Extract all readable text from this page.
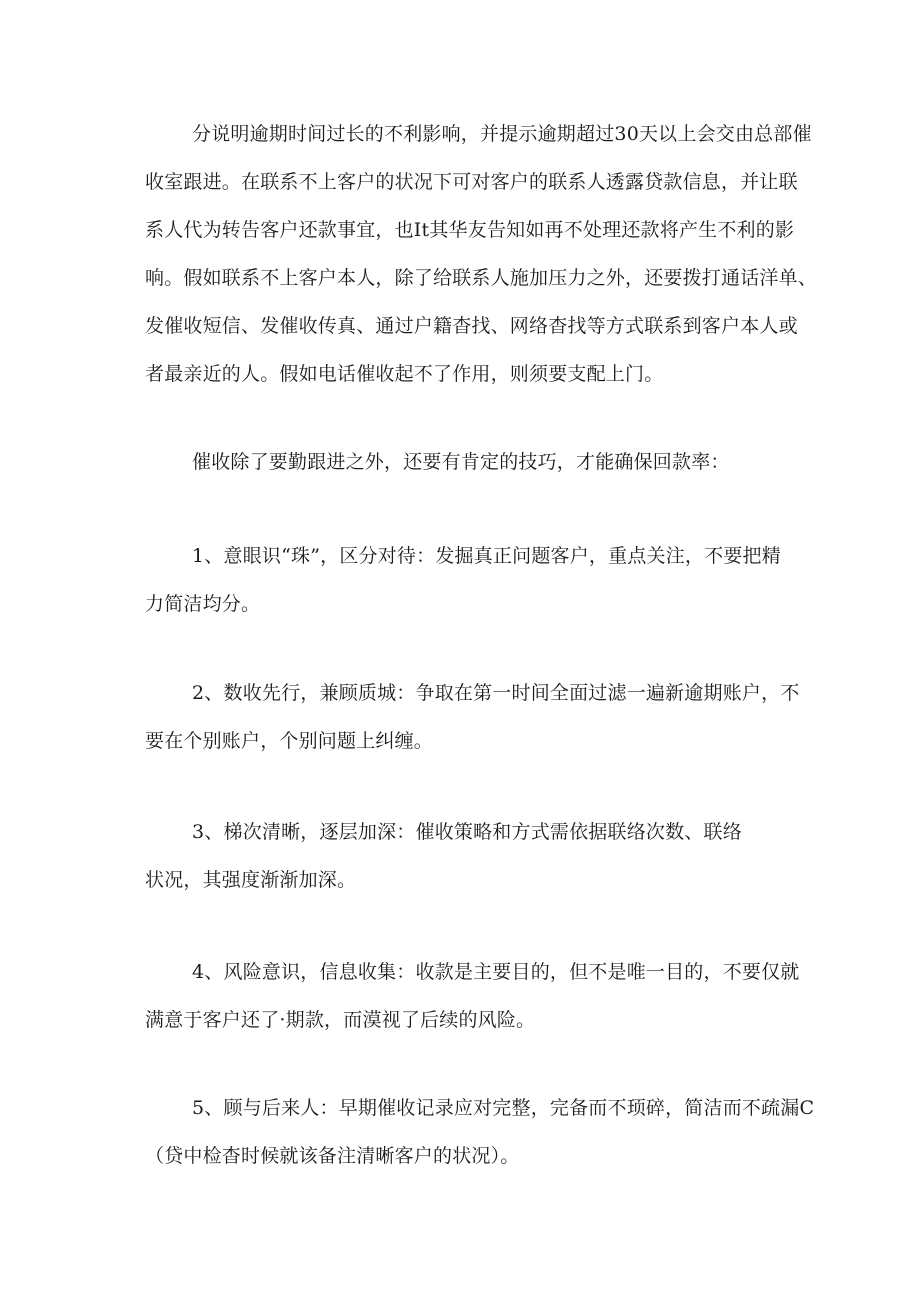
分说明逾期时间过长的不利影响，并提示逾期超过30天以上会交由总部催
收室跟进。在联系不上客户的状况下可对客户的联系人透露贷款信息，并让联
系人代为转告客户还款事宜，也It其华友告知如再不处理还款将产生不利的影
响。假如联系不上客户本人，除了给联系人施加压力之外，还要拨打通话洋单、
发催收短信、发催收传真、通过户籍杳找、网络杳找等方式联系到客户本人或
者最亲近的人。假如电话催收起不了作用，则须要支配上门。
催收除了要勤跟进之外，还要有肯定的技巧，才能确保回款率：
1、意眼识“珠”，区分对待：发掘真正问题客户，重点关注，不要把精
力简洁均分。
2、数收先行，兼顾质城：争取在第一时间全面过滤一遍新逾期账户，不
要在个别账户，个别问题上纠缠。
3、梯次清晰，逐层加深：催收策略和方式需依据联络次数、联络
状况，其强度渐渐加深。
4、风险意识，信息收集：收款是主要目的，但不是唯一目的，不要仅就
满意于客户还了·期款，而漠视了后续的风险。
5、顾与后来人：早期催收记录应对完整，完备而不顼碎，简洁而不疏漏C
（贷中检杳时候就该备注清晰客户的状况）。
